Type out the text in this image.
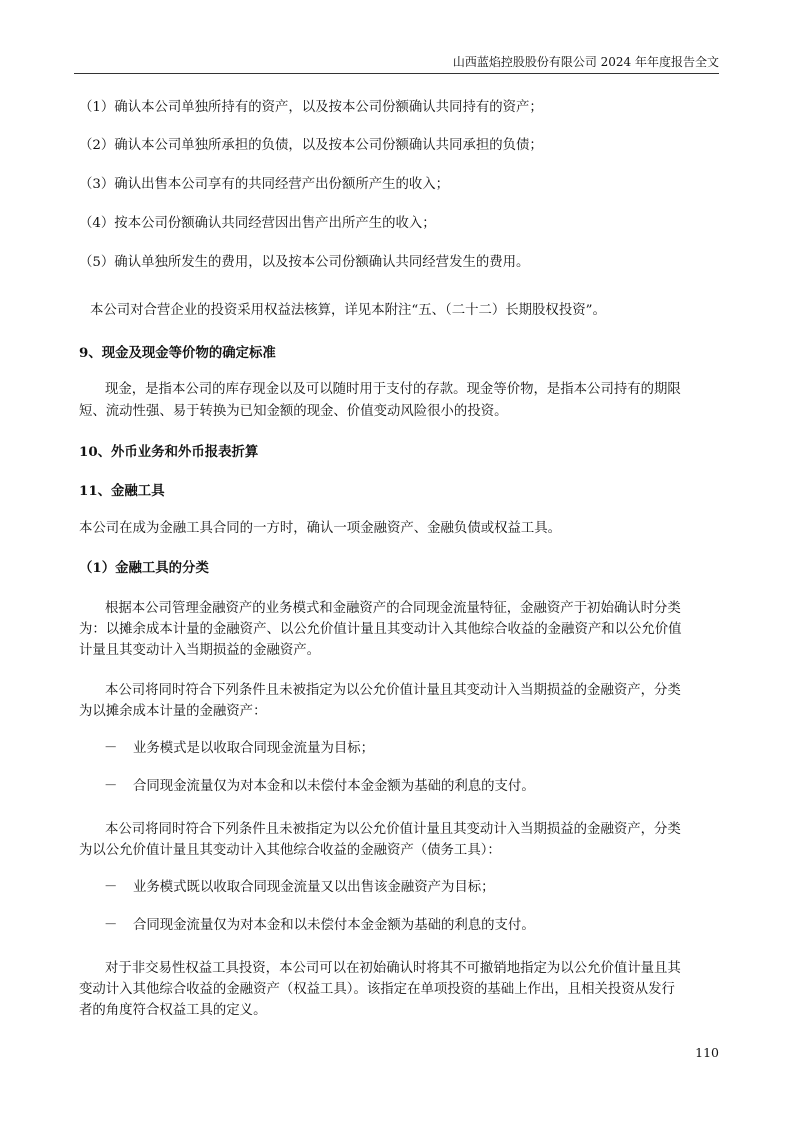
山西蓝焰控股股份有限公司 2024 年年度报告全文
（1）确认本公司单独所持有的资产，以及按本公司份额确认共同持有的资产；
（2）确认本公司单独所承担的负债，以及按本公司份额确认共同承担的负债；
（3）确认出售本公司享有的共同经营产出份额所产生的收入；
（4）按本公司份额确认共同经营因出售产出所产生的收入；
（5）确认单独所发生的费用，以及按本公司份额确认共同经营发生的费用。
本公司对合营企业的投资采用权益法核算，详见本附注“五、（二十二）长期股权投资”。
9、现金及现金等价物的确定标准
现金，是指本公司的库存现金以及可以随时用于支付的存款。现金等价物，是指本公司持有的期限
短、流动性强、易于转换为已知金额的现金、价值变动风险很小的投资。
10、外币业务和外币报表折算
11、金融工具
本公司在成为金融工具合同的一方时，确认一项金融资产、金融负债或权益工具。
（1）金融工具的分类
根据本公司管理金融资产的业务模式和金融资产的合同现金流量特征，金融资产于初始确认时分类
为：以摊余成本计量的金融资产、以公允价值计量且其变动计入其他综合收益的金融资产和以公允价值
计量且其变动计入当期损益的金融资产。
本公司将同时符合下列条件且未被指定为以公允价值计量且其变动计入当期损益的金融资产，分类
为以摊余成本计量的金融资产：
－ 业务模式是以收取合同现金流量为目标；
－ 合同现金流量仅为对本金和以未偿付本金金额为基础的利息的支付。
本公司将同时符合下列条件且未被指定为以公允价值计量且其变动计入当期损益的金融资产，分类
为以公允价值计量且其变动计入其他综合收益的金融资产（债务工具）：
－ 业务模式既以收取合同现金流量又以出售该金融资产为目标；
－ 合同现金流量仅为对本金和以未偿付本金金额为基础的利息的支付。
对于非交易性权益工具投资，本公司可以在初始确认时将其不可撤销地指定为以公允价值计量且其
变动计入其他综合收益的金融资产（权益工具）。该指定在单项投资的基础上作出，且相关投资从发行
者的角度符合权益工具的定义。
110
